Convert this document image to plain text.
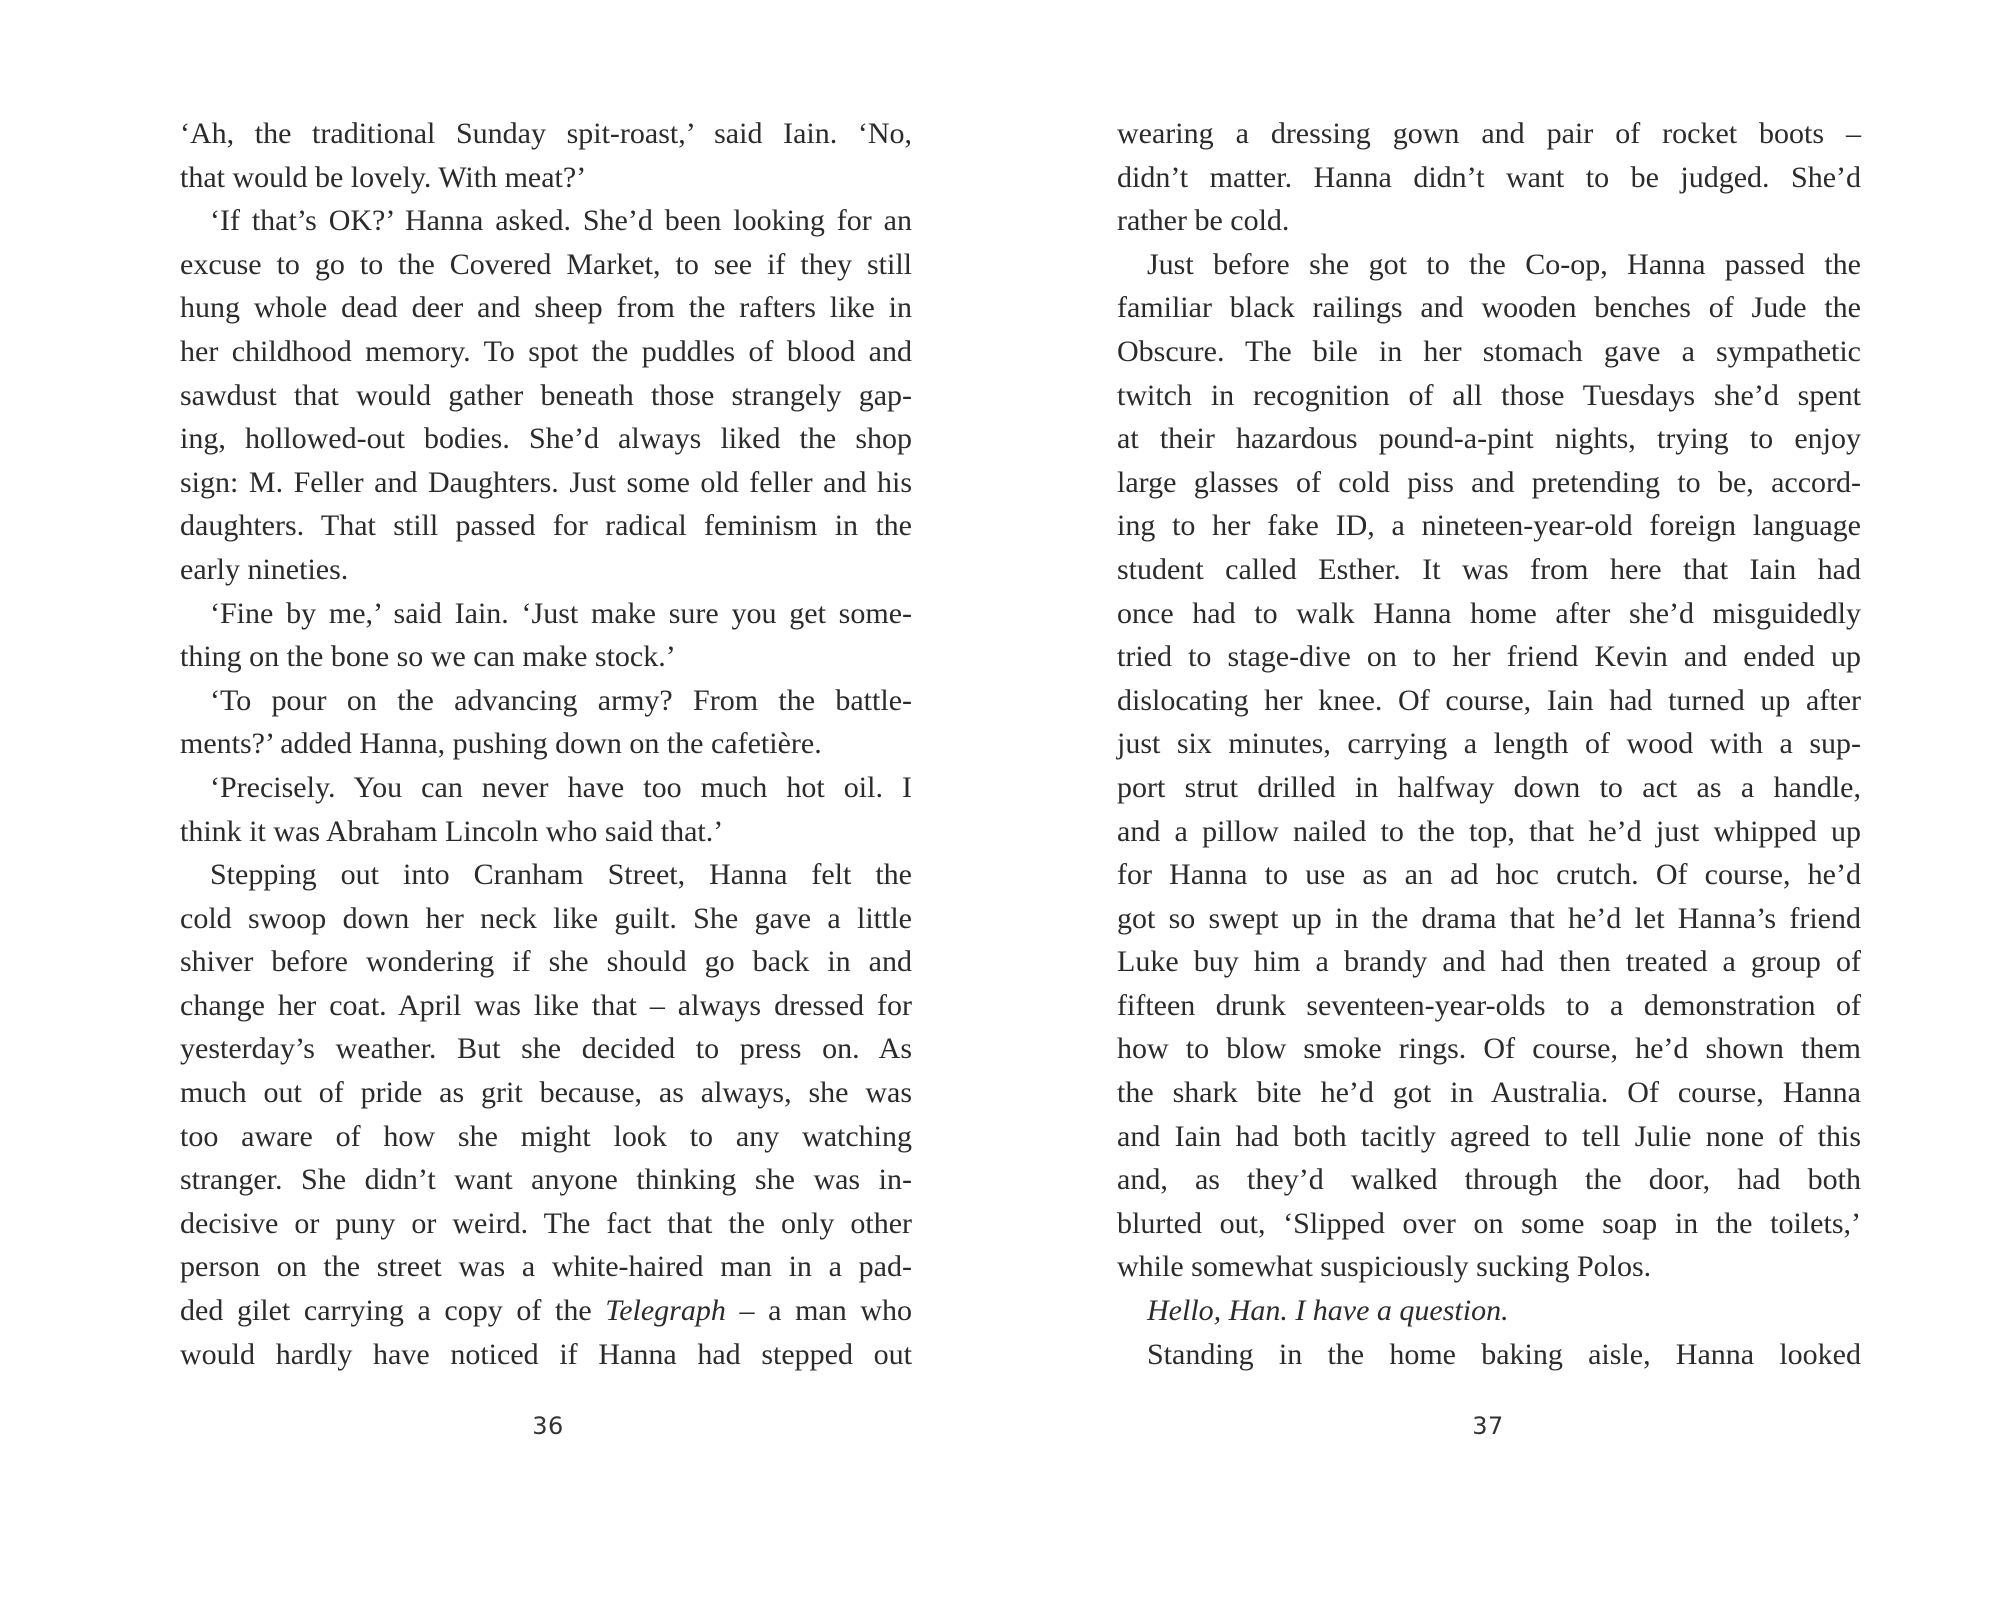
‘Ah, the traditional Sunday spit-roast,’ said Iain. ‘No,
that would be lovely. With meat?’
‘If that’s OK?’ Hanna asked. She’d been looking for an
excuse to go to the Covered Market, to see if they still
hung whole dead deer and sheep from the rafters like in
her childhood memory. To spot the puddles of blood and
sawdust that would gather beneath those strangely gap-
ing, hollowed-out bodies. She’d always liked the shop
sign: M. Feller and Daughters. Just some old feller and his
daughters. That still passed for radical feminism in the
early nineties.
‘Fine by me,’ said Iain. ‘Just make sure you get some-
thing on the bone so we can make stock.’
‘To pour on the advancing army? From the battle-
ments?’ added Hanna, pushing down on the cafetière.
‘Precisely. You can never have too much hot oil. I
think it was Abraham Lincoln who said that.’
Stepping out into Cranham Street, Hanna felt the
cold swoop down her neck like guilt. She gave a little
shiver before wondering if she should go back in and
change her coat. April was like that – always dressed for
yesterday’s weather. But she decided to press on. As
much out of pride as grit because, as always, she was
too aware of how she might look to any watching
stranger. She didn’t want anyone thinking she was in-
decisive or puny or weird. The fact that the only other
person on the street was a white-haired man in a pad-
ded gilet carrying a copy of the Telegraph – a man who
would hardly have noticed if Hanna had stepped out
36
wearing a dressing gown and pair of rocket boots –
didn’t matter. Hanna didn’t want to be judged. She’d
rather be cold.
Just before she got to the Co-op, Hanna passed the
familiar black railings and wooden benches of Jude the
Obscure. The bile in her stomach gave a sympathetic
twitch in recognition of all those Tuesdays she’d spent
at their hazardous pound-a-pint nights, trying to enjoy
large glasses of cold piss and pretending to be, accord-
ing to her fake ID, a nineteen-year-old foreign language
student called Esther. It was from here that Iain had
once had to walk Hanna home after she’d misguidedly
tried to stage-dive on to her friend Kevin and ended up
dislocating her knee. Of course, Iain had turned up after
just six minutes, carrying a length of wood with a sup-
port strut drilled in halfway down to act as a handle,
and a pillow nailed to the top, that he’d just whipped up
for Hanna to use as an ad hoc crutch. Of course, he’d
got so swept up in the drama that he’d let Hanna’s friend
Luke buy him a brandy and had then treated a group of
fifteen drunk seventeen-year-olds to a demonstration of
how to blow smoke rings. Of course, he’d shown them
the shark bite he’d got in Australia. Of course, Hanna
and Iain had both tacitly agreed to tell Julie none of this
and, as they’d walked through the door, had both
blurted out, ‘Slipped over on some soap in the toilets,’
while somewhat suspiciously sucking Polos.
Hello, Han. I have a question.
Standing in the home baking aisle, Hanna looked
37
